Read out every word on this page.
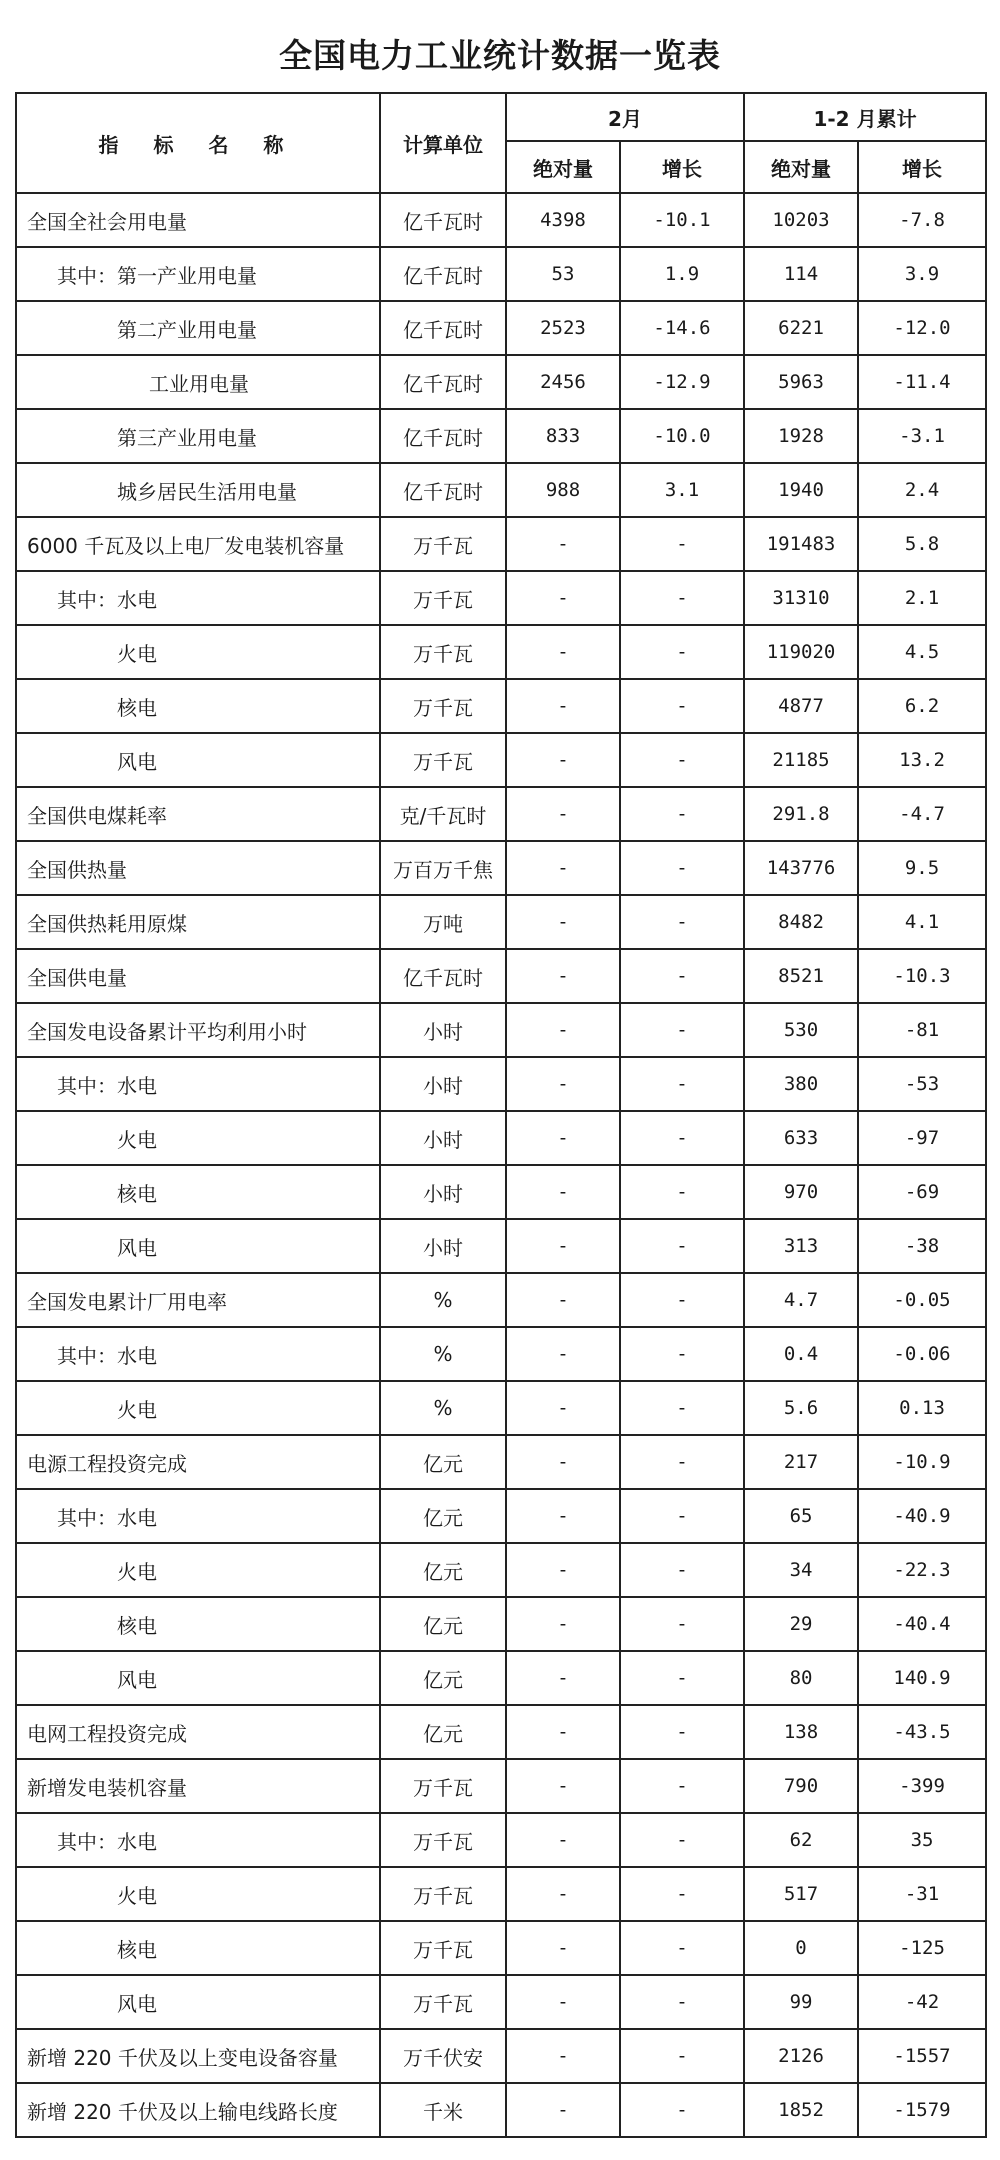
全国电力工业统计数据一览表
指 标 名 称	计算单位	2月		1-2 月累计	
		绝对量	增长	绝对量	增长
全国全社会用电量	亿千瓦时	4398	-10.1	10203	-7.8
其中：第一产业用电量	亿千瓦时	53	1.9	114	3.9
第二产业用电量	亿千瓦时	2523	-14.6	6221	-12.0
工业用电量	亿千瓦时	2456	-12.9	5963	-11.4
第三产业用电量	亿千瓦时	833	-10.0	1928	-3.1
城乡居民生活用电量	亿千瓦时	988	3.1	1940	2.4
6000 千瓦及以上电厂发电装机容量	万千瓦	-	-	191483	5.8
其中：水电	万千瓦	-	-	31310	2.1
火电	万千瓦	-	-	119020	4.5
核电	万千瓦	-	-	4877	6.2
风电	万千瓦	-	-	21185	13.2
全国供电煤耗率	克/千瓦时	-	-	291.8	-4.7
全国供热量	万百万千焦	-	-	143776	9.5
全国供热耗用原煤	万吨	-	-	8482	4.1
全国供电量	亿千瓦时	-	-	8521	-10.3
全国发电设备累计平均利用小时	小时	-	-	530	-81
其中：水电	小时	-	-	380	-53
火电	小时	-	-	633	-97
核电	小时	-	-	970	-69
风电	小时	-	-	313	-38
全国发电累计厂用电率	%	-	-	4.7	-0.05
其中：水电	%	-	-	0.4	-0.06
火电	%	-	-	5.6	0.13
电源工程投资完成	亿元	-	-	217	-10.9
其中：水电	亿元	-	-	65	-40.9
火电	亿元	-	-	34	-22.3
核电	亿元	-	-	29	-40.4
风电	亿元	-	-	80	140.9
电网工程投资完成	亿元	-	-	138	-43.5
新增发电装机容量	万千瓦	-	-	790	-399
其中：水电	万千瓦	-	-	62	35
火电	万千瓦	-	-	517	-31
核电	万千瓦	-	-	0	-125
风电	万千瓦	-	-	99	-42
新增 220 千伏及以上变电设备容量	万千伏安	-	-	2126	-1557
新增 220 千伏及以上输电线路长度	千米	-	-	1852	-1579
